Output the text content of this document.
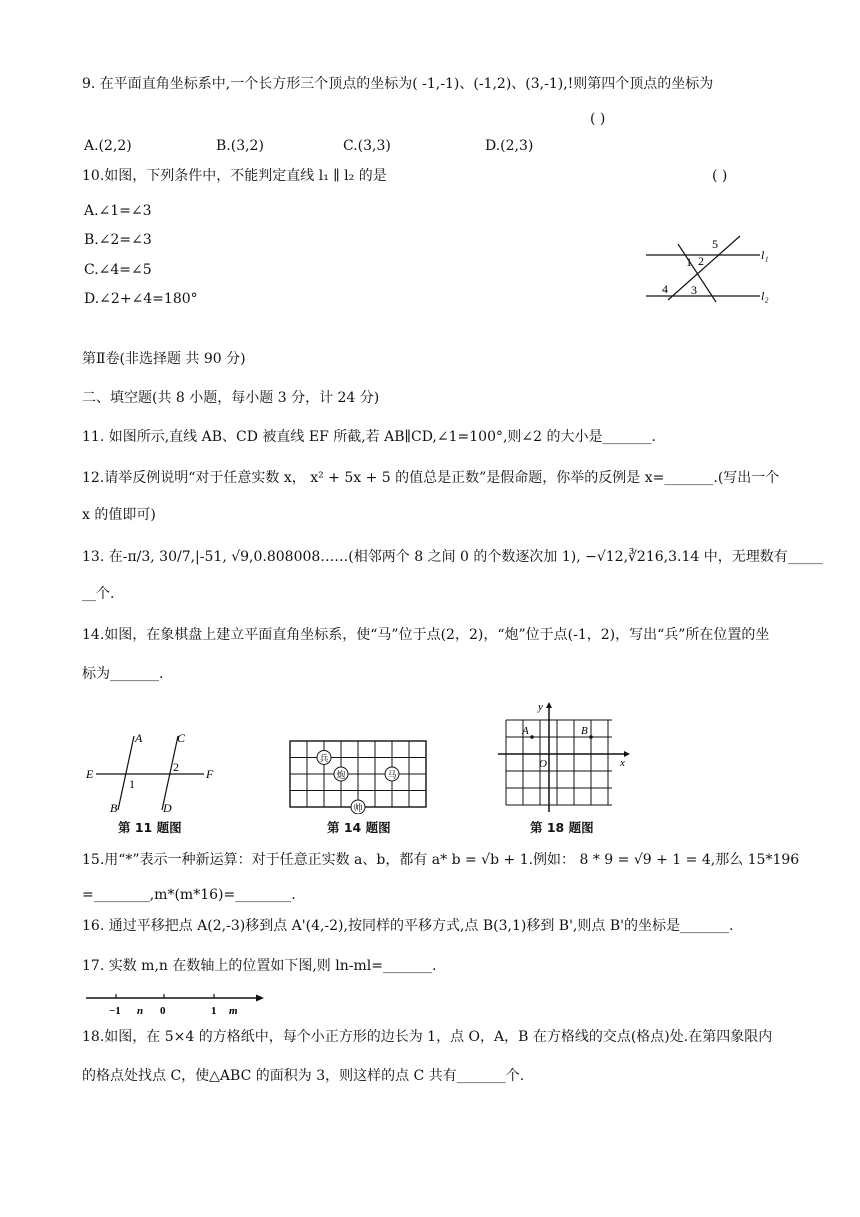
9. 在平面直角坐标系中,一个长方形三个顶点的坐标为( -1,-1)、(-1,2)、(3,-1),!则第四个顶点的坐标为
( )
A.(2,2)	B.(3,2)	C.(3,3)	D.(2,3)
10.如图，下列条件中，不能判定直线 l₁ ∥ l₂ 的是	( )
A.∠1=∠3
B.∠2=∠3
C.∠4=∠5
D.∠2+∠4=180°
5
1 2	l₁
4 3	l₂
第Ⅱ卷(非选择题 共 90 分)
二、填空题(共 8 小题，每小题 3 分，计 24 分)
11. 如图所示,直线 AB、CD 被直线 EF 所截,若 AB∥CD,∠1=100°,则∠2 的大小是_______.
12.请举反例说明“对于任意实数 x， x² + 5x + 5 的值总是正数”是假命题，你举的反例是 x=_______.(写出一个
x 的值即可)
13. 在-π/3, 30/7,|-51, √9,0.808008……(相邻两个 8 之间 0 的个数逐次加 1), −√12,∛216,3.14 中，无理数有_____
__个.
14.如图，在象棋盘上建立平面直角坐标系，使“马”位于点(2，2)，“炮”位于点(-1，2)，写出“兵”所在位置的坐
标为_______.
A	C
E	2 F
1
B	D
第 11 题图
兵
炮	马
帅
第 14 题图
y
A	B
O	x
第 18 题图
15.用“*”表示一种新运算：对于任意正实数 a、b，都有 a* b = √b + 1.例如： 8 * 9 = √9 + 1 = 4,那么 15*196
=________,m*(m*16)=________.
16. 通过平移把点 A(2,-3)移到点 A'(4,-2),按同样的平移方式,点 B(3,1)移到 B',则点 B'的坐标是_______.
17. 实数 m,n 在数轴上的位置如下图,则 ln-ml=_______.
−1 n 0	1 m
18.如图，在 5×4 的方格纸中，每个小正方形的边长为 1，点 O，A，B 在方格线的交点(格点)处.在第四象限内
的格点处找点 C，使△ABC 的面积为 3，则这样的点 C 共有_______个.
